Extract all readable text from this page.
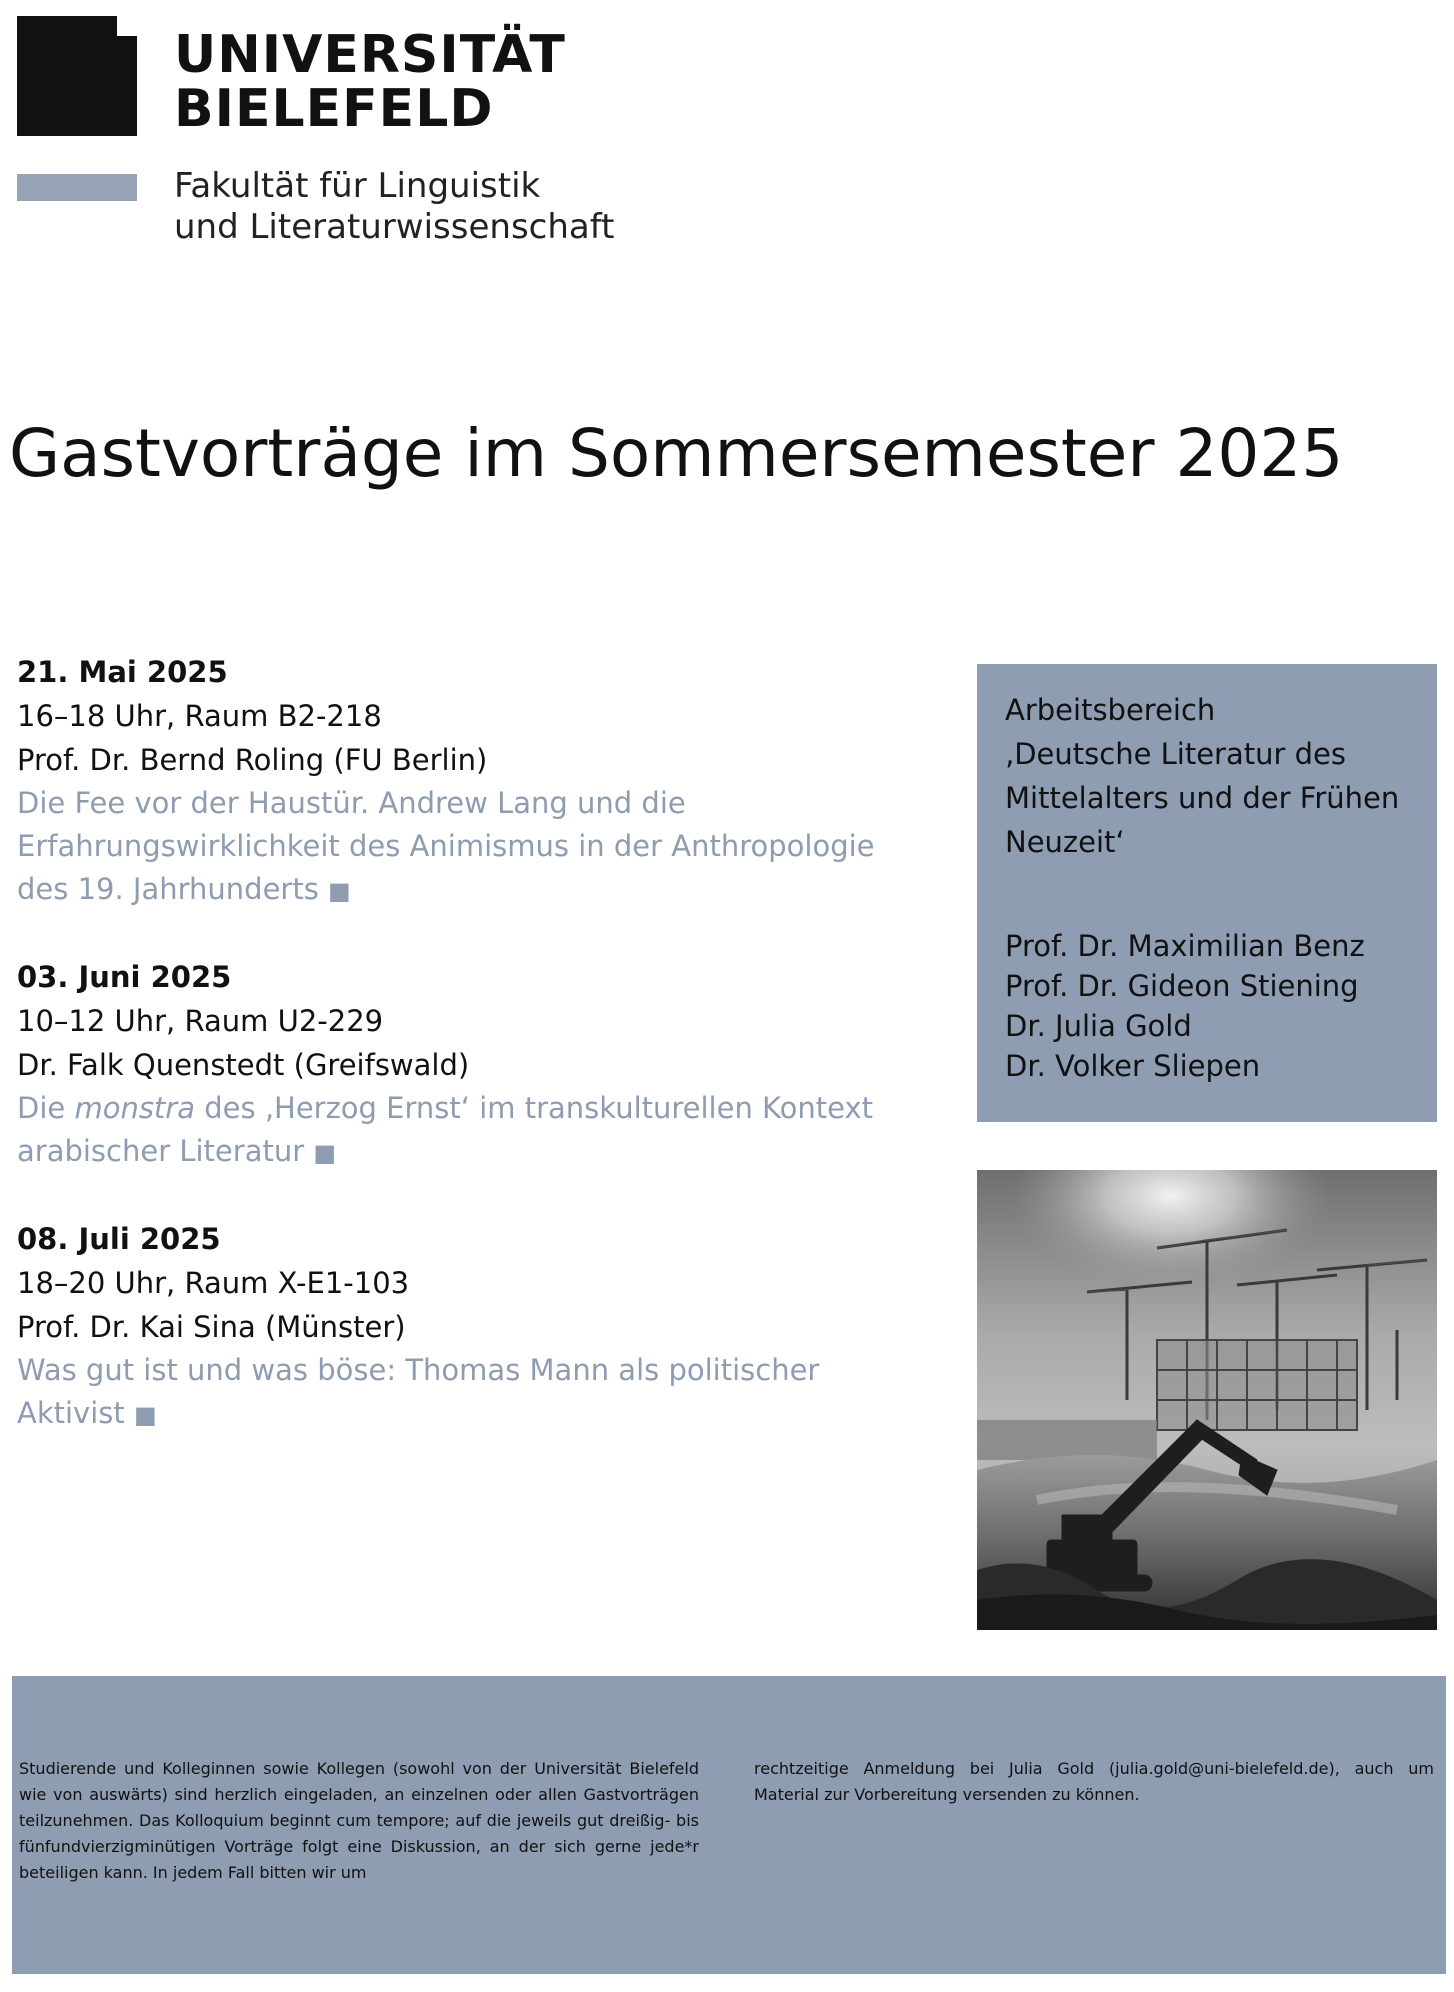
UNIVERSITÄT
BIELEFELD
Fakultät für Linguistik
und Literaturwissenschaft
Gastvorträge im Sommersemester 2025
21. Mai 2025
16–18 Uhr, Raum B2-218
Prof. Dr. Bernd Roling (FU Berlin)
Die Fee vor der Haustür. Andrew Lang und die Erfahrungswirklichkeit des Animismus in der Anthropologie des 19. Jahrhunderts ■
03. Juni 2025
10–12 Uhr, Raum U2-229
Dr. Falk Quenstedt (Greifswald)
Die monstra des ‚Herzog Ernst‘ im transkulturellen Kontext arabischer Literatur ■
08. Juli 2025
18–20 Uhr, Raum X-E1-103
Prof. Dr. Kai Sina (Münster)
Was gut ist und was böse: Thomas Mann als politischer Aktivist ■
Arbeitsbereich
‚Deutsche Literatur des Mittelalters und der Frühen Neuzeit‘
Prof. Dr. Maximilian Benz
Prof. Dr. Gideon Stiening
Dr. Julia Gold
Dr. Volker Sliepen
Studierende und Kolleginnen sowie Kollegen (sowohl von der Universität Bielefeld wie von auswärts) sind herzlich eingeladen, an einzelnen oder allen Gastvorträgen teilzunehmen. Das Kolloquium beginnt cum tempore; auf die jeweils gut dreißig- bis fünfundvierzigminütigen Vorträge folgt eine Diskussion, an der sich gerne jede*r beteiligen kann. In jedem Fall bitten wir um
rechtzeitige Anmeldung bei Julia Gold (julia.gold@uni-bielefeld.de), auch um Material zur Vorbereitung versenden zu können.
